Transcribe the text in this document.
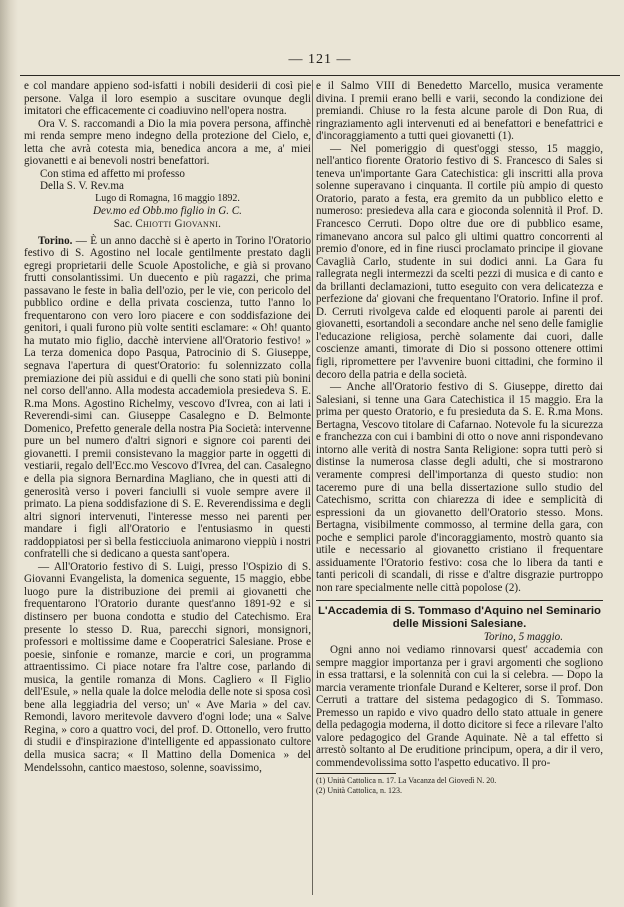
— 121 —

e col mandare appieno sod-isfatti i nobili desiderii di così pie persone. Valga il loro esempio a suscitare ovunque degli imitatori che efficacemente ci coadiuvino nell'opera nostra.

Ora V. S. raccomandi a Dio la mia povera persona, affinchè mi renda sempre meno indegno della protezione del Cielo, e, letta che avrà cotesta mia, benedica ancora a me, a' miei giovanetti e ai benevoli nostri benefattori.

Con stima ed affetto mi professo

Della S. V. Rev.ma

Lugo di Romagna, 16 maggio 1892.

Dev.mo ed Obb.mo figlio in G. C.

Sac. Chiotti Giovanni.

Torino. — È un anno dacchè si è aperto in Torino l'Oratorio festivo di S. Agostino nel locale gentilmente prestato dagli egregi proprietarii delle Scuole Apostoliche, e già si provano frutti consolantissimi. Un duecento e più ragazzi, che prima passavano le feste in balìa dell'ozio, per le vie, con pericolo del pubblico ordine e della privata coscienza, tutto l'anno lo frequentarono con vero loro piacere e con soddisfazione dei genitori, i quali furono più volte sentiti esclamare: « Oh! quanto ha mutato mio figlio, dacchè interviene all'Oratorio festivo! » La terza domenica dopo Pasqua, Patrocinio di S. Giuseppe, segnava l'apertura di quest'Oratorio: fu solennizzato colla premiazione dei più assidui e di quelli che sono stati più bonini nel corso dell'anno. Alla modesta accademiola presiedeva S. E. R.ma Mons. Agostino Richelmy, vescovo d'Ivrea, con ai lati i Reverendi-simi can. Giuseppe Casalegno e D. Belmonte Domenico, Prefetto generale della nostra Pia Società: intervenne pure un bel numero d'altri signori e signore coi parenti dei giovanetti. I premii consistevano la maggior parte in oggetti di vestiarii, regalo dell'Ecc.mo Vescovo d'Ivrea, del can. Casalegno e della pia signora Bernardina Magliano, che in questi atti di generosità verso i poveri fanciulli si vuole sempre avere il primato. La piena soddisfazione di S. E. Reverendissima e degli altri signori intervenuti, l'interesse messo nei parenti per mandare i figli all'Oratorio e l'entusiasmo in questi raddoppiatosi per sì bella festicciuola animarono vieppiù i nostri confratelli che si dedicano a questa sant'opera.

— All'Oratorio festivo di S. Luigi, presso l'Ospizio di S. Giovanni Evangelista, la domenica seguente, 15 maggio, ebbe luogo pure la distribuzione dei premii ai giovanetti che frequentarono l'Oratorio durante quest'anno 1891-92 e si distinsero per buona condotta e studio del Catechismo. Era presente lo stesso D. Rua, parecchi signori, monsignori, professori e moltissime dame e Cooperatrici Salesiane. Prose e poesie, sinfonie e romanze, marcie e cori, un programma attraentissimo. Ci piace notare fra l'altre cose, parlando di musica, la gentile romanza di Mons. Cagliero « Il Figlio dell'Esule, » nella quale la dolce melodia delle note si sposa così bene alla leggiadria del verso; un' « Ave Maria » del cav. Remondi, lavoro meritevole davvero d'ogni lode; una « Salve Regina, » coro a quattro voci, del prof. D. Ottonello, vero frutto di studii e d'inspirazione d'intelligente ed appassionato cultore della musica sacra; « Il Mattino della Domenica » del Mendelssohn, cantico maestoso, solenne, soavissimo,

e il Salmo VIII di Benedetto Marcello, musica veramente divina. I premii erano belli e varii, secondo la condizione dei premiandi. Chiuse ro la festa alcune parole di Don Rua, di ringraziamento agli intervenuti ed ai benefattori e benefattrici e d'incoraggiamento a tutti quei giovanetti (1).

— Nel pomeriggio di quest'oggi stesso, 15 maggio, nell'antico fiorente Oratorio festivo di S. Francesco di Sales si teneva un'importante Gara Catechistica: gli inscritti alla prova solenne superavano i cinquanta. Il cortile più ampio di questo Oratorio, parato a festa, era gremito da un pubblico eletto e numeroso: presiedeva alla cara e gioconda solennità il Prof. D. Francesco Cerruti. Dopo oltre due ore di pubblico esame, rimanevano ancora sul palco gli ultimi quattro concorrenti al premio d'onore, ed in fine riusci proclamato principe il giovane Cavaglià Carlo, studente in sui dodici anni. La Gara fu rallegrata negli intermezzi da scelti pezzi di musica e di canto e da brillanti declamazioni, tutto eseguito con vera delicatezza e perfezione da' giovani che frequentano l'Oratorio. Infine il prof. D. Cerruti rivolgeva calde ed eloquenti parole ai parenti dei giovanetti, esortandoli a secondare anche nel seno delle famiglie l'educazione religiosa, perchè solamente dai cuori, dalle coscienze amanti, timorate di Dio si possono ottenere ottimi figli, ripromettere per l'avvenire buoni cittadini, che formino il decoro della patria e della società.

— Anche all'Oratorio festivo di S. Giuseppe, diretto dai Salesiani, si tenne una Gara Catechistica il 15 maggio. Era la prima per questo Oratorio, e fu presieduta da S. E. R.ma Mons. Bertagna, Vescovo titolare di Cafarnao. Notevole fu la sicurezza e franchezza con cui i bambini di otto o nove anni rispondevano intorno alle verità di nostra Santa Religione: sopra tutti però si distinse la numerosa classe degli adulti, che si mostrarono veramente compresi dell'importanza di questo studio: non taceremo pure di una bella dissertazione sullo studio del Catechismo, scritta con chiarezza di idee e semplicità di espressioni da un giovanetto dell'Oratorio stesso. Mons. Bertagna, visibilmente commosso, al termine della gara, con poche e semplici parole d'incoraggiamento, mostrò quanto sia utile e necessario al giovanetto cristiano il frequentare assiduamente l'Oratorio festivo: cosa che lo libera da tanti e tanti pericoli di scandali, di risse e d'altre disgrazie purtroppo non rare specialmente nelle città popolose (2).

L'Accademia di S. Tommaso d'Aquino nel Seminario delle Missioni Salesiane.

Torino, 5 maggio.

Ogni anno noi vediamo rinnovarsi quest' accademia con sempre maggior importanza per i gravi argomenti che sogliono in essa trattarsi, e la solennità con cui la si celebra. — Dopo la marcia veramente trionfale Durand e Kelterer, sorse il prof. Don Cerruti a trattare del sistema pedagogico di S. Tommaso. Premesso un rapido e vivo quadro dello stato attuale in genere della pedagogia moderna, il dotto dicitore si fece a rilevare l'alto valore pedagogico del Grande Aquinate. Nè a tal effetto si arrestò soltanto al De eruditione principum, opera, a dir il vero, commendevolissima sotto l'aspetto educativo. Il pro-

(1) Unità Cattolica n. 17. La Vacanza del Giovedì N. 20.

(2) Unità Cattolica, n. 123.
